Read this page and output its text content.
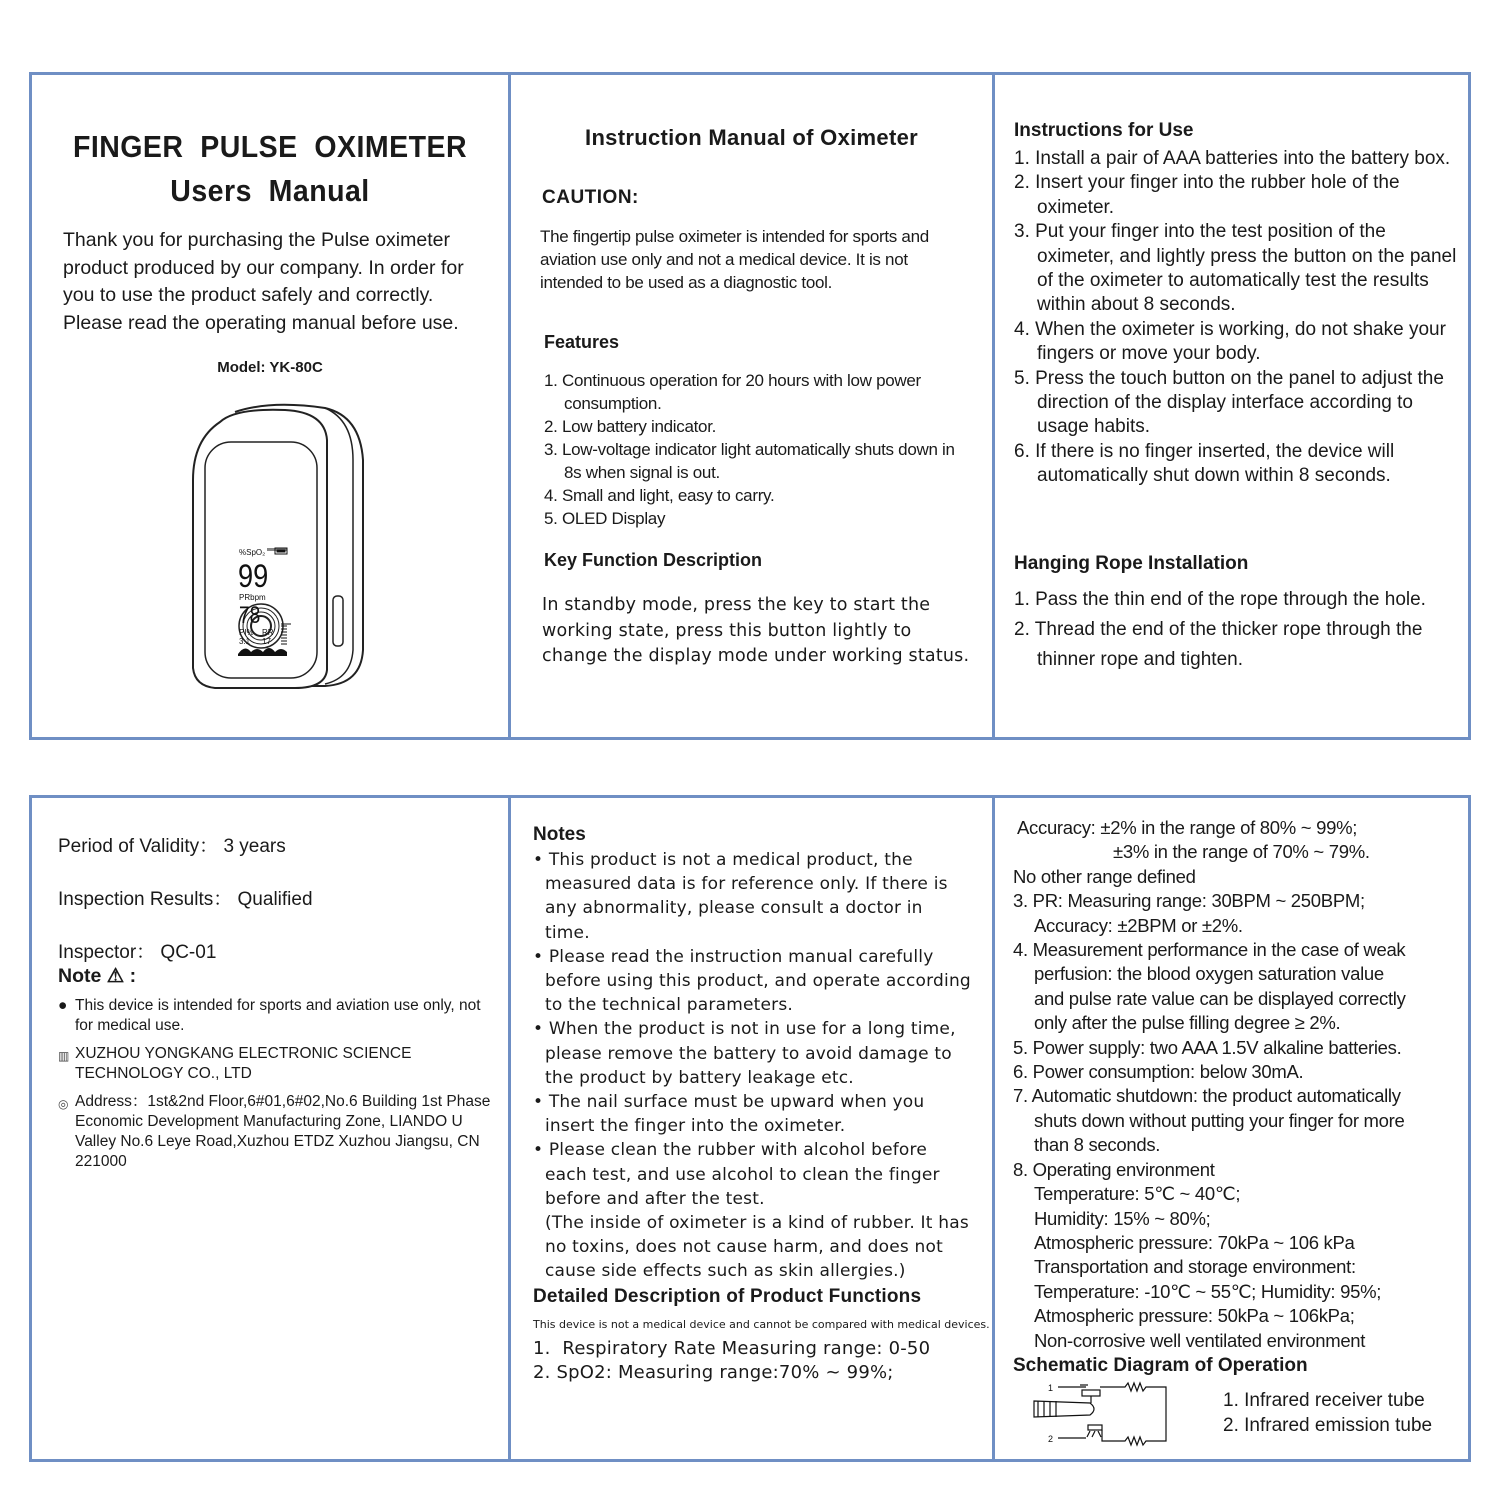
FINGER  PULSE  OXIMETER
Users  Manual
Thank you for purchasing the Pulse oximeter product produced by our company. In order for you to use the product safely and correctly. Please read the operating manual before use.
Model: YK-80C
%SpO₂
99
PRbpm
78
PI% RR
3.1 17
Instruction Manual of Oximeter
CAUTION:
The fingertip pulse oximeter is intended for sports and aviation use only and not a medical device. It is not intended to be used as a diagnostic tool.
Features
1. Continuous operation for 20 hours with low power consumption.
2. Low battery indicator.
3. Low-voltage indicator light automatically shuts down in 8s when signal is out.
4. Small and light, easy to carry.
5. OLED Display
Key Function Description
In standby mode, press the key to start the working state, press this button lightly to change the display mode under working status.
Instructions for Use
1. Install a pair of AAA batteries into the battery box.
2. Insert your finger into the rubber hole of the oximeter.
3. Put your finger into the test position of the oximeter, and lightly press the button on the panel of the oximeter to automatically test the results within about 8 seconds.
4. When the oximeter is working, do not shake your fingers or move your body.
5. Press the touch button on the panel to adjust the direction of the display interface according to usage habits.
6. If there is no finger inserted, the device will automatically shut down within 8 seconds.
Hanging Rope Installation
1. Pass the thin end of the rope through the hole.
2. Thread the end of the thicker rope through the thinner rope and tighten.
Period of Validity： 3 years
Inspection Results： Qualified
Inspector： QC-01
Note ⚠︎ :
● This device is intended for sports and aviation use only, not for medical use.
▥ XUZHOU YONGKANG ELECTRONIC SCIENCE TECHNOLOGY CO., LTD
◎ Address：1st&2nd Floor,6#01,6#02,No.6 Building 1st Phase Economic Development Manufacturing Zone, LIANDO U Valley No.6 Leye Road,Xuzhou ETDZ Xuzhou Jiangsu, CN 221000
Notes
• This product is not a medical product, the measured data is for reference only. If there is any abnormality, please consult a doctor in time.
• Please read the instruction manual carefully before using this product, and operate according to the technical parameters.
• When the product is not in use for a long time, please remove the battery to avoid damage to the product by battery leakage etc.
• The nail surface must be upward when you insert the finger into the oximeter.
• Please clean the rubber with alcohol before each test, and use alcohol to clean the finger before and after the test.
(The inside of oximeter is a kind of rubber. It has no toxins, does not cause harm, and does not cause side effects such as skin allergies.)
Detailed Description of Product Functions
This device is not a medical device and cannot be compared with medical devices.
1.  Respiratory Rate Measuring range: 0-50
2. SpO2: Measuring range:70% ~ 99%;
Accuracy: ±2% in the range of 80% ~ 99%;
±3% in the range of 70% ~ 79%.
No other range defined
3. PR: Measuring range: 30BPM ~ 250BPM;
Accuracy: ±2BPM or ±2%.
4. Measurement performance in the case of weak
perfusion: the blood oxygen saturation value
and pulse rate value can be displayed correctly
only after the pulse filling degree ≥ 2%.
5. Power supply: two AAA 1.5V alkaline batteries.
6. Power consumption: below 30mA.
7. Automatic shutdown: the product automatically
shuts down without putting your finger for more
than 8 seconds.
8. Operating environment
Temperature: 5℃ ~ 40℃;
Humidity: 15% ~ 80%;
Atmospheric pressure: 70kPa ~ 106 kPa
Transportation and storage environment:
Temperature: -10℃ ~ 55℃; Humidity: 95%;
Atmospheric pressure: 50kPa ~ 106kPa;
Non-corrosive well ventilated environment
Schematic Diagram of Operation
1
2
1. Infrared receiver tube
2. Infrared emission tube
